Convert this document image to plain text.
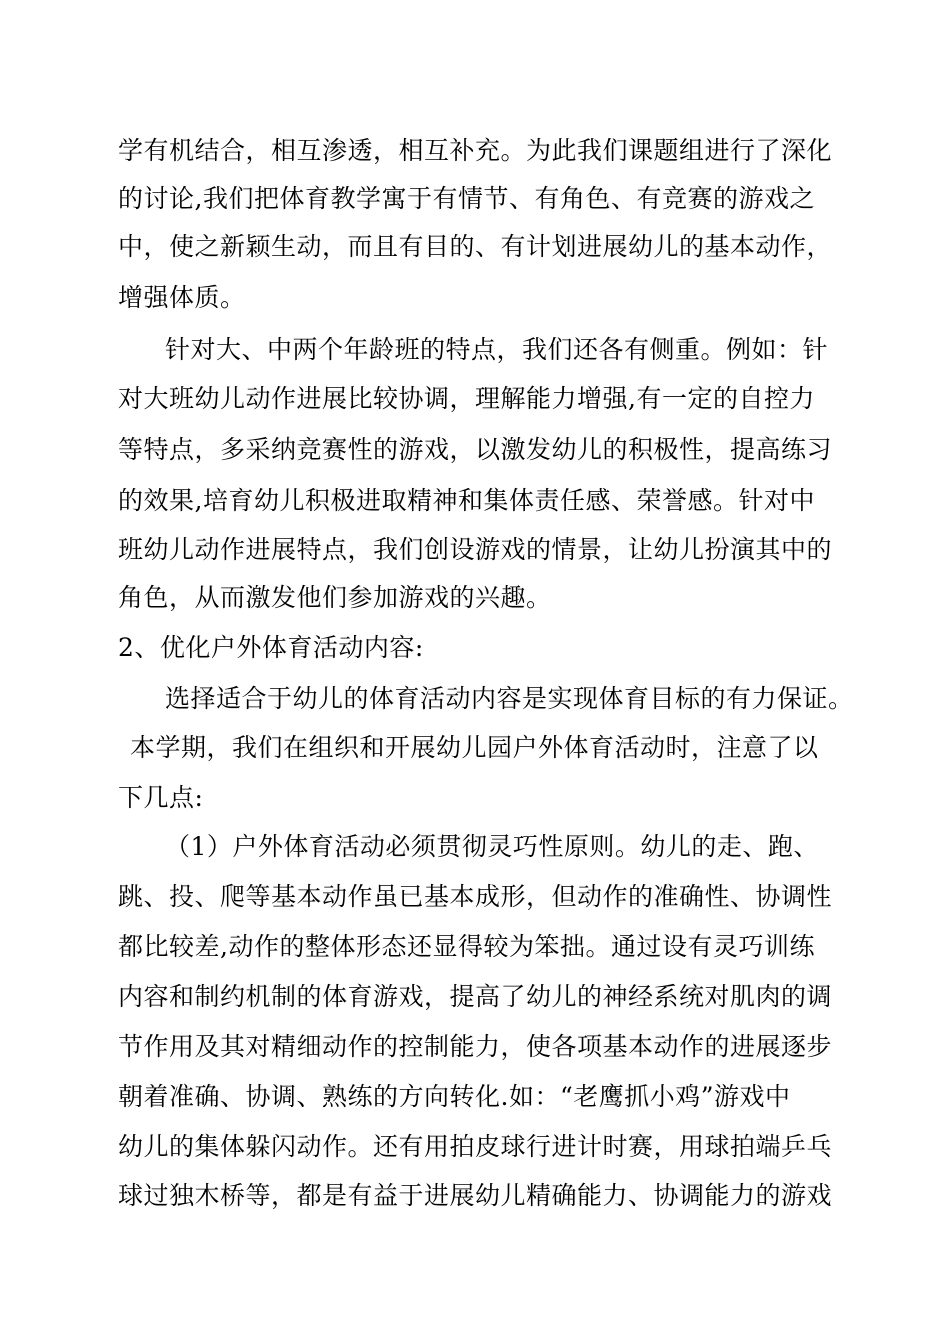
学有机结合，相互渗透，相互补充。为此我们课题组进行了深化
的讨论,我们把体育教学寓于有情节、有角色、有竞赛的游戏之
中，使之新颖生动，而且有目的、有计划进展幼儿的基本动作，
增强体质。
针对大、中两个年龄班的特点，我们还各有侧重。例如：针
对大班幼儿动作进展比较协调，理解能力增强,有一定的自控力
等特点，多采纳竞赛性的游戏，以激发幼儿的积极性，提高练习
的效果,培育幼儿积极进取精神和集体责任感、荣誉感。针对中
班幼儿动作进展特点，我们创设游戏的情景，让幼儿扮演其中的
角色，从而激发他们参加游戏的兴趣。
2、优化户外体育活动内容:
选择适合于幼儿的体育活动内容是实现体育目标的有力保证。
本学期，我们在组织和开展幼儿园户外体育活动时，注意了以
下几点:
（1）户外体育活动必须贯彻灵巧性原则。幼儿的走、跑、
跳、投、爬等基本动作虽已基本成形，但动作的准确性、协调性
都比较差,动作的整体形态还显得较为笨拙。通过设有灵巧训练
内容和制约机制的体育游戏，提高了幼儿的神经系统对肌肉的调
节作用及其对精细动作的控制能力，使各项基本动作的进展逐步
朝着准确、协调、熟练的方向转化.如：“老鹰抓小鸡”游戏中
幼儿的集体躲闪动作。还有用拍皮球行进计时赛，用球拍端乒乓
球过独木桥等，都是有益于进展幼儿精确能力、协调能力的游戏
